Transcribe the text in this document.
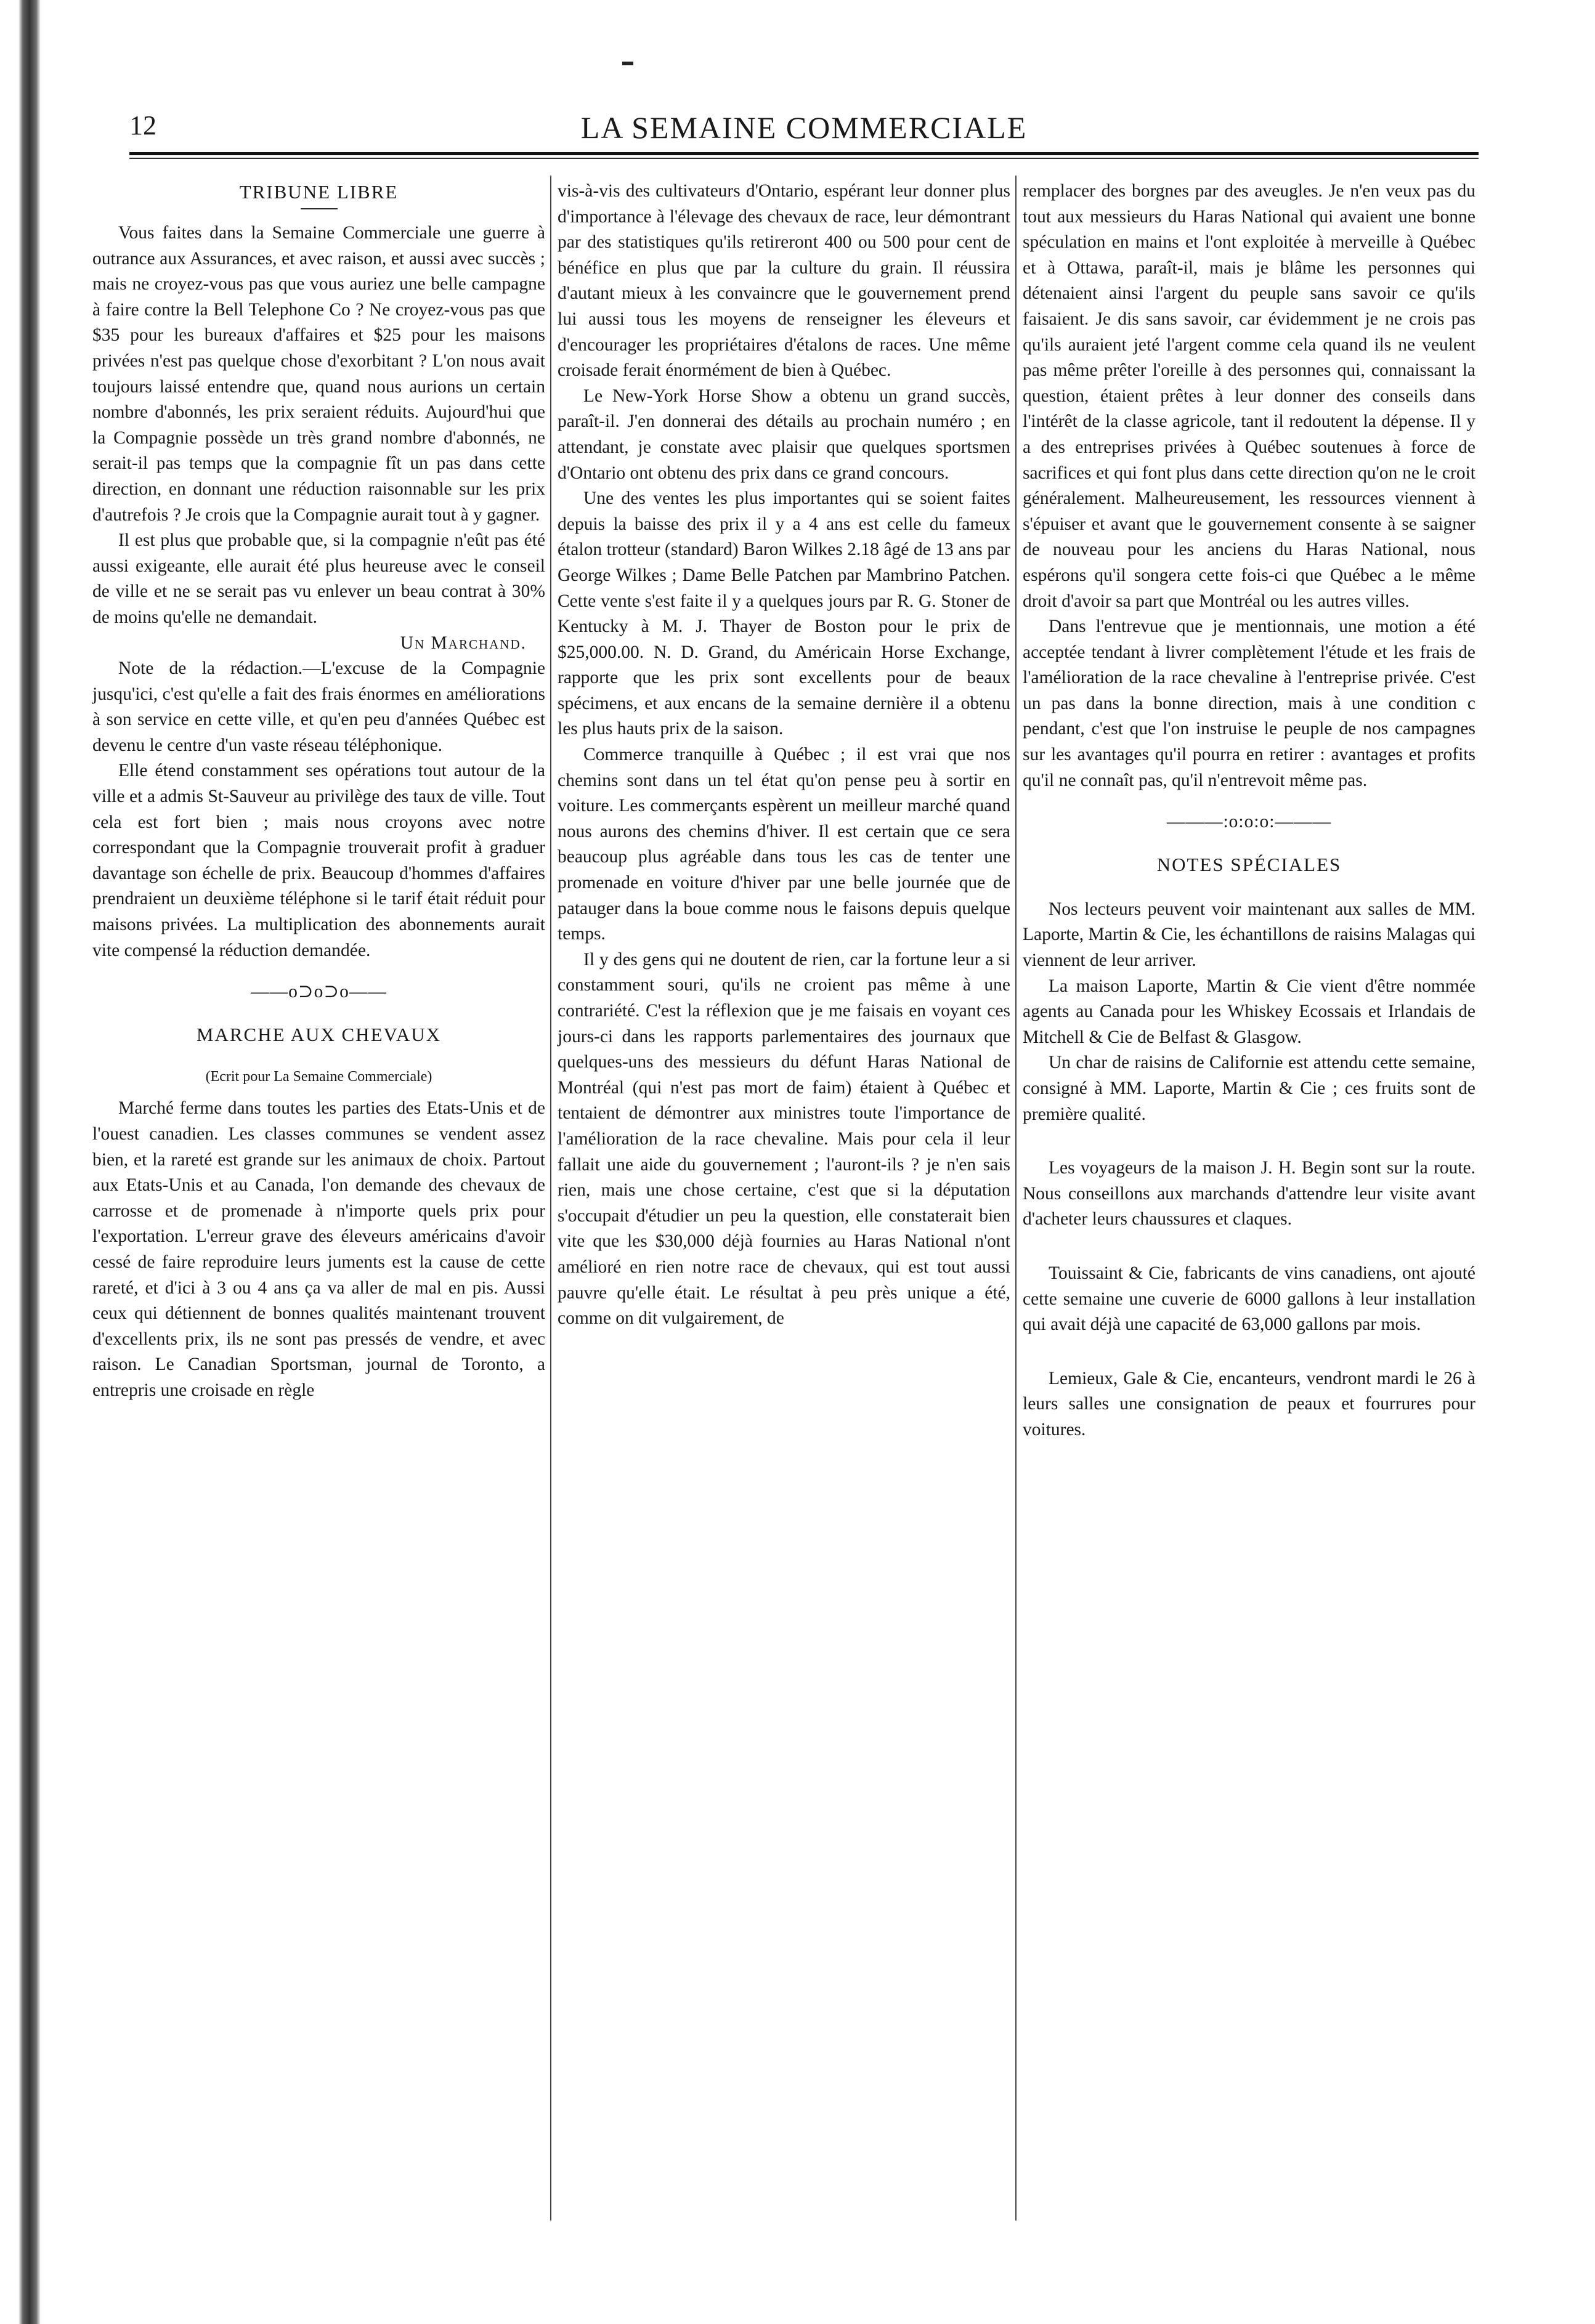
12	LA SEMAINE COMMERCIALE
TRIBUNE LIBRE

Vous faites dans la Semaine Commerciale une guerre à outrance aux Assurances, et avec raison, et aussi avec succès ; mais ne croyez-vous pas que vous auriez une belle campagne à faire contre la Bell Telephone Co ? Ne croyez-vous pas que $35 pour les bureaux d'affaires et $25 pour les maisons privées n'est pas quelque chose d'exorbitant ? L'on nous avait toujours laissé entendre que, quand nous aurions un certain nombre d'abonnés, les prix seraient réduits. Aujourd'hui que la Compagnie possède un très grand nombre d'abonnés, ne serait-il pas temps que la compagnie fît un pas dans cette direction, en donnant une réduction raisonnable sur les prix d'autrefois ? Je crois que la Compagnie aurait tout à y gagner.

Il est plus que probable que, si la compagnie n'eût pas été aussi exigeante, elle aurait été plus heureuse avec le conseil de ville et ne se serait pas vu enlever un beau contrat à 30% de moins qu'elle ne demandait.

Un Marchand.

Note de la rédaction.—L'excuse de la Compagnie jusqu'ici, c'est qu'elle a fait des frais énormes en améliorations à son service en cette ville, et qu'en peu d'années Québec est devenu le centre d'un vaste réseau téléphonique.

Elle étend constamment ses opérations tout autour de la ville et a admis St-Sauveur au privilège des taux de ville. Tout cela est fort bien ; mais nous croyons avec notre correspondant que la Compagnie trouverait profit à graduer davantage son échelle de prix. Beaucoup d'hommes d'affaires prendraient un deuxième téléphone si le tarif était réduit pour maisons privées. La multiplication des abonnements aurait vite compensé la réduction demandée.

——o⊃o⊃o——
MARCHE AUX CHEVAUX
(Ecrit pour La Semaine Commerciale)

Marché ferme dans toutes les parties des Etats-Unis et de l'ouest canadien. Les classes communes se vendent assez bien, et la rareté est grande sur les animaux de choix. Partout aux Etats-Unis et au Canada, l'on demande des chevaux de carrosse et de promenade à n'importe quels prix pour l'exportation. L'erreur grave des éleveurs américains d'avoir cessé de faire reproduire leurs juments est la cause de cette rareté, et d'ici à 3 ou 4 ans ça va aller de mal en pis. Aussi ceux qui détiennent de bonnes qualités maintenant trouvent d'excellents prix, ils ne sont pas pressés de vendre, et avec raison. Le Canadian Sportsman, journal de Toronto, a entrepris une croisade en règle

vis-à-vis des cultivateurs d'Ontario, espérant leur donner plus d'importance à l'élevage des chevaux de race, leur démontrant par des statistiques qu'ils retireront 400 ou 500 pour cent de bénéfice en plus que par la culture du grain. Il réussira d'autant mieux à les convaincre que le gouvernement prend lui aussi tous les moyens de renseigner les éleveurs et d'encourager les propriétaires d'étalons de races. Une même croisade ferait énormément de bien à Québec.

Le New-York Horse Show a obtenu un grand succès, paraît-il. J'en donnerai des détails au prochain numéro ; en attendant, je constate avec plaisir que quelques sportsmen d'Ontario ont obtenu des prix dans ce grand concours.

Une des ventes les plus importantes qui se soient faites depuis la baisse des prix il y a 4 ans est celle du fameux étalon trotteur (standard) Baron Wilkes 2.18 âgé de 13 ans par George Wilkes ; Dame Belle Patchen par Mambrino Patchen. Cette vente s'est faite il y a quelques jours par R. G. Stoner de Kentucky à M. J. Thayer de Boston pour le prix de $25,000.00. N. D. Grand, du Américain Horse Exchange, rapporte que les prix sont excellents pour de beaux spécimens, et aux encans de la semaine dernière il a obtenu les plus hauts prix de la saison.

Commerce tranquille à Québec ; il est vrai que nos chemins sont dans un tel état qu'on pense peu à sortir en voiture. Les commerçants espèrent un meilleur marché quand nous aurons des chemins d'hiver. Il est certain que ce sera beaucoup plus agréable dans tous les cas de tenter une promenade en voiture d'hiver par une belle journée que de patauger dans la boue comme nous le faisons depuis quelque temps.

Il y des gens qui ne doutent de rien, car la fortune leur a si constamment souri, qu'ils ne croient pas même à une contrariété. C'est la réflexion que je me faisais en voyant ces jours-ci dans les rapports parlementaires des journaux que quelques-uns des messieurs du défunt Haras National de Montréal (qui n'est pas mort de faim) étaient à Québec et tentaient de démontrer aux ministres toute l'importance de l'amélioration de la race chevaline. Mais pour cela il leur fallait une aide du gouvernement ; l'auront-ils ? je n'en sais rien, mais une chose certaine, c'est que si la députation s'occupait d'étudier un peu la question, elle constaterait bien vite que les $30,000 déjà fournies au Haras National n'ont amélioré en rien notre race de chevaux, qui est tout aussi pauvre qu'elle était. Le résultat à peu près unique a été, comme on dit vulgairement, de

remplacer des borgnes par des aveugles. Je n'en veux pas du tout aux messieurs du Haras National qui avaient une bonne spéculation en mains et l'ont exploitée à merveille à Québec et à Ottawa, paraît-il, mais je blâme les personnes qui détenaient ainsi l'argent du peuple sans savoir ce qu'ils faisaient. Je dis sans savoir, car évidemment je ne crois pas qu'ils auraient jeté l'argent comme cela quand ils ne veulent pas même prêter l'oreille à des personnes qui, connaissant la question, étaient prêtes à leur donner des conseils dans l'intérêt de la classe agricole, tant il redoutent la dépense. Il y a des entreprises privées à Québec soutenues à force de sacrifices et qui font plus dans cette direction qu'on ne le croit généralement. Malheureusement, les ressources viennent à s'épuiser et avant que le gouvernement consente à se saigner de nouveau pour les anciens du Haras National, nous espérons qu'il songera cette fois-ci que Québec a le même droit d'avoir sa part que Montréal ou les autres villes.

Dans l'entrevue que je mentionnais, une motion a été acceptée tendant à livrer complètement l'étude et les frais de l'amélioration de la race chevaline à l'entreprise privée. C'est un pas dans la bonne direction, mais à une condition c pendant, c'est que l'on instruise le peuple de nos campagnes sur les avantages qu'il pourra en retirer : avantages et profits qu'il ne connaît pas, qu'il n'entrevoit même pas.

———:o:o:o:———
NOTES SPÉCIALES

Nos lecteurs peuvent voir maintenant aux salles de MM. Laporte, Martin & Cie, les échantillons de raisins Malagas qui viennent de leur arriver.

La maison Laporte, Martin & Cie vient d'être nommée agents au Canada pour les Whiskey Ecossais et Irlandais de Mitchell & Cie de Belfast & Glasgow.

Un char de raisins de Californie est attendu cette semaine, consigné à MM. Laporte, Martin & Cie ; ces fruits sont de première qualité.

Les voyageurs de la maison J. H. Begin sont sur la route. Nous conseillons aux marchands d'attendre leur visite avant d'acheter leurs chaussures et claques.

Touissaint & Cie, fabricants de vins canadiens, ont ajouté cette semaine une cuverie de 6000 gallons à leur installation qui avait déjà une capacité de 63,000 gallons par mois.

Lemieux, Gale & Cie, encanteurs, vendront mardi le 26 à leurs salles une consignation de peaux et fourrures pour voitures.
